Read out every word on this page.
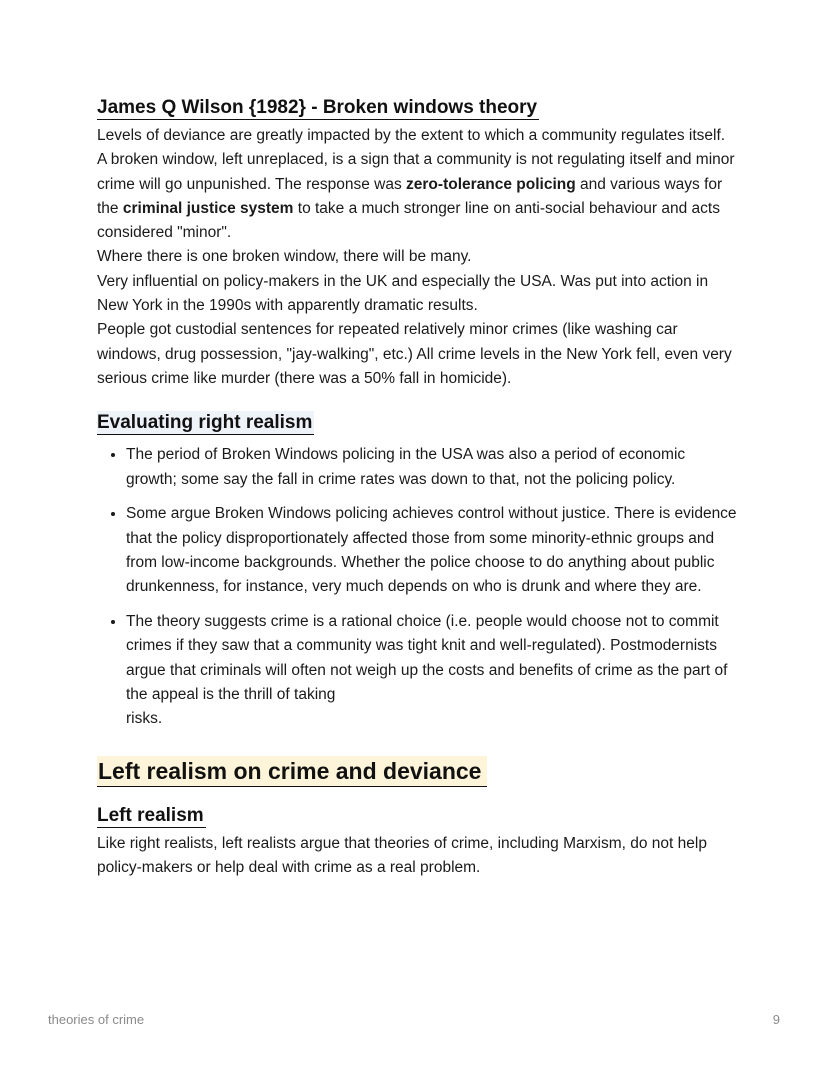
James Q Wilson {1982} - Broken windows theory

Levels of deviance are greatly impacted by the extent to which a community regulates itself.

A broken window, left unreplaced, is a sign that a community is not regulating itself and minor crime will go unpunished. The response was zero-tolerance policing and various ways for the criminal justice system to take a much stronger line on anti-social behaviour and acts considered "minor".

Where there is one broken window, there will be many.

Very influential on policy-makers in the UK and especially the USA. Was put into action in New York in the 1990s with apparently dramatic results.

People got custodial sentences for repeated relatively minor crimes (like washing car windows, drug possession, "jay-walking", etc.) All crime levels in the New York fell, even very serious crime like murder (there was a 50% fall in homicide).

Evaluating right realism
• The period of Broken Windows policing in the USA was also a period of economic growth; some say the fall in crime rates was down to that, not the policing policy.
• Some argue Broken Windows policing achieves control without justice. There is evidence that the policy disproportionately affected those from some minority-ethnic groups and from low-income backgrounds. Whether the police choose to do anything about public drunkenness, for instance, very much depends on who is drunk and where they are.
• The theory suggests crime is a rational choice (i.e. people would choose not to commit crimes if they saw that a community was tight knit and well-regulated). Postmodernists argue that criminals will often not weigh up the costs and benefits of crime as the part of the appeal is the thrill of taking
risks.
Left realism on crime and deviance
Left realism

Like right realists, left realists argue that theories of crime, including Marxism, do not help policy-makers or help deal with crime as a real problem.

theories of crime	9
